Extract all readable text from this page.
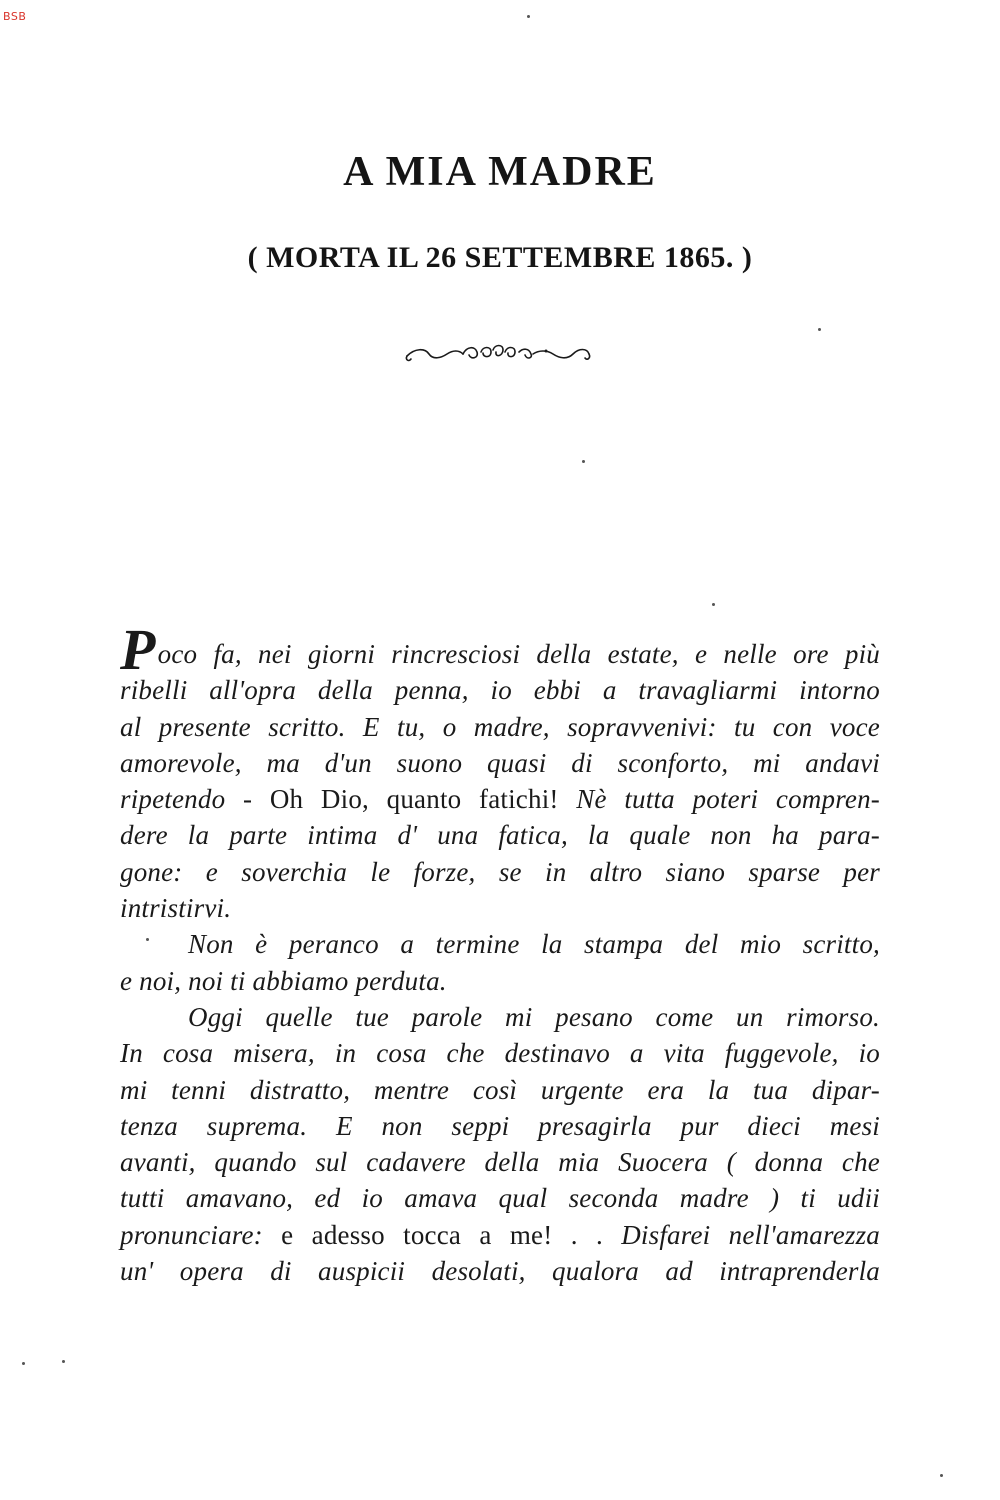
BSB
A MIA MADRE
( MORTA IL 26 SETTEMBRE 1865. )
Poco fa, nei giorni rincresciosi della estate, e nelle ore più
ribelli all'opra della penna, io ebbi a travagliarmi intorno
al presente scritto. E tu, o madre, sopravvenivi: tu con voce
amorevole, ma d'un suono quasi di sconforto, mi andavi
ripetendo - Oh Dio, quanto fatichi! Nè tutta poteri compren-
dere la parte intima d' una fatica, la quale non ha para-
gone: e soverchia le forze, se in altro siano sparse per
intristirvi.
Non è peranco a termine la stampa del mio scritto,
e noi, noi ti abbiamo perduta.
Oggi quelle tue parole mi pesano come un rimorso.
In cosa misera, in cosa che destinavo a vita fuggevole, io
mi tenni distratto, mentre così urgente era la tua dipar-
tenza suprema. E non seppi presagirla pur dieci mesi
avanti, quando sul cadavere della mia Suocera ( donna che
tutti amavano, ed io amava qual seconda madre ) ti udii
pronunciare: e adesso tocca a me! . . Disfarei nell'amarezza
un' opera di auspicii desolati, qualora ad intraprenderla
